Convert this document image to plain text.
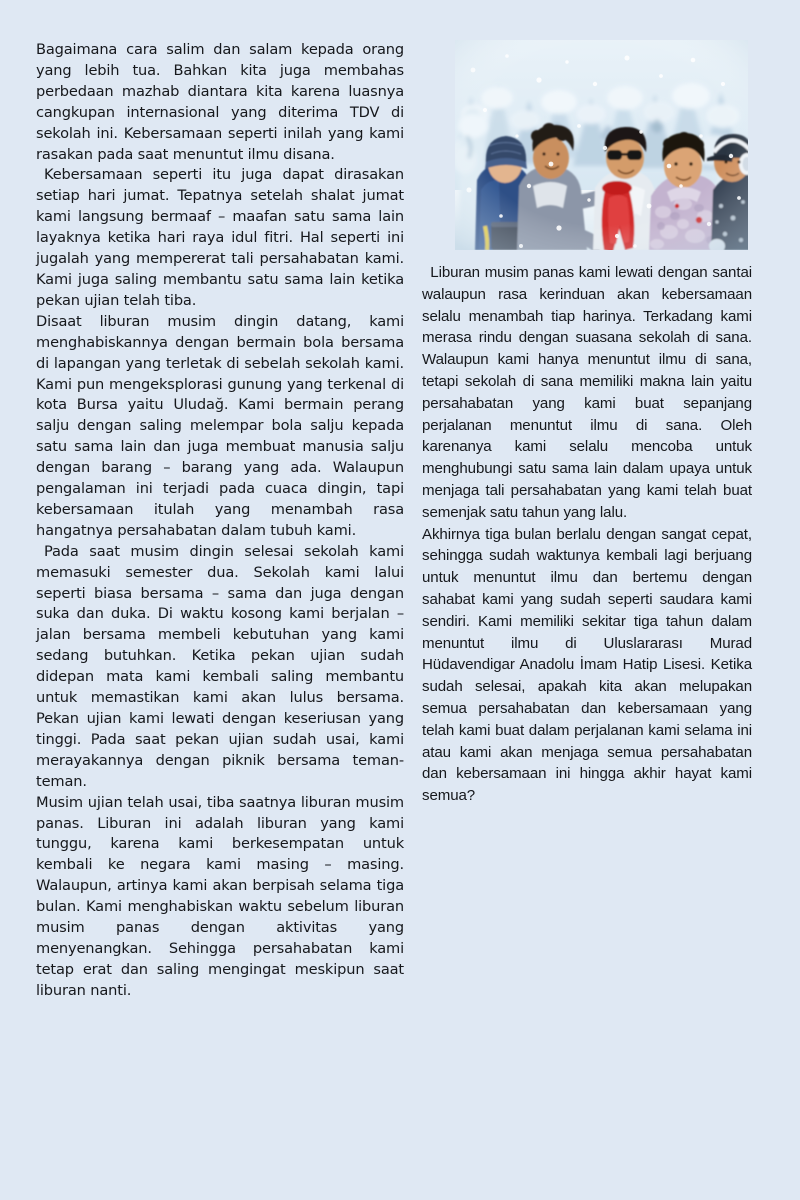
Bagaimana cara salim dan salam kepada orang yang lebih tua. Bahkan kita juga membahas perbedaan mazhab diantara kita karena luasnya cangkupan internasional yang diterima TDV di sekolah ini. Kebersamaan seperti inilah yang kami rasakan pada saat menuntut ilmu disana.

Kebersamaan seperti itu juga dapat dirasakan setiap hari jumat. Tepatnya setelah shalat jumat kami langsung bermaaf – maafan satu sama lain layaknya ketika hari raya idul fitri. Hal seperti ini jugalah yang mempererat tali persahabatan kami. Kami juga saling membantu satu sama lain ketika pekan ujian telah tiba.

Disaat liburan musim dingin datang, kami menghabiskannya dengan bermain bola bersama di lapangan yang terletak di sebelah sekolah kami. Kami pun mengeksplorasi gunung yang terkenal di kota Bursa yaitu Uludağ. Kami bermain perang salju dengan saling melempar bola salju kepada satu sama lain dan juga membuat manusia salju dengan barang – barang yang ada. Walaupun pengalaman ini terjadi pada cuaca dingin, tapi kebersamaan itulah yang menambah rasa hangatnya persahabatan dalam tubuh kami.

Pada saat musim dingin selesai sekolah kami memasuki semester dua. Sekolah kami lalui seperti biasa bersama – sama dan juga dengan suka dan duka. Di waktu kosong kami berjalan – jalan bersama membeli kebutuhan yang kami sedang butuhkan. Ketika pekan ujian sudah didepan mata kami kembali saling membantu untuk memastikan kami akan lulus bersama. Pekan ujian kami lewati dengan keseriusan yang tinggi. Pada saat pekan ujian sudah usai, kami merayakannya dengan piknik bersama teman-teman.

Musim ujian telah usai, tiba saatnya liburan musim panas. Liburan ini adalah liburan yang kami tunggu, karena kami berkesempatan untuk kembali ke negara kami masing – masing. Walaupun, artinya kami akan berpisah selama tiga bulan. Kami menghabiskan waktu sebelum liburan musim panas dengan aktivitas yang menyenangkan. Sehingga persahabatan kami tetap erat dan saling mengingat meskipun saat liburan nanti.

Liburan musim panas kami lewati dengan santai walaupun rasa kerinduan akan kebersamaan selalu menambah tiap harinya. Terkadang kami merasa rindu dengan suasana sekolah di sana. Walaupun kami hanya menuntut ilmu di sana, tetapi sekolah di sana memiliki makna lain yaitu persahabatan yang kami buat sepanjang perjalanan menuntut ilmu di sana. Oleh karenanya kami selalu mencoba untuk menghubungi satu sama lain dalam upaya untuk menjaga tali persahabatan yang kami telah buat semenjak satu tahun yang lalu.

Akhirnya tiga bulan berlalu dengan sangat cepat, sehingga sudah waktunya kembali lagi berjuang untuk menuntut ilmu dan bertemu dengan sahabat kami yang sudah seperti saudara kami sendiri. Kami memiliki sekitar tiga tahun dalam menuntut ilmu di Uluslararası Murad Hüdavendigar Anadolu İmam Hatip Lisesi. Ketika sudah selesai, apakah kita akan melupakan semua persahabatan dan kebersamaan yang telah kami buat dalam perjalanan kami selama ini atau kami akan menjaga semua persahabatan dan kebersamaan ini hingga akhir hayat kami semua?
